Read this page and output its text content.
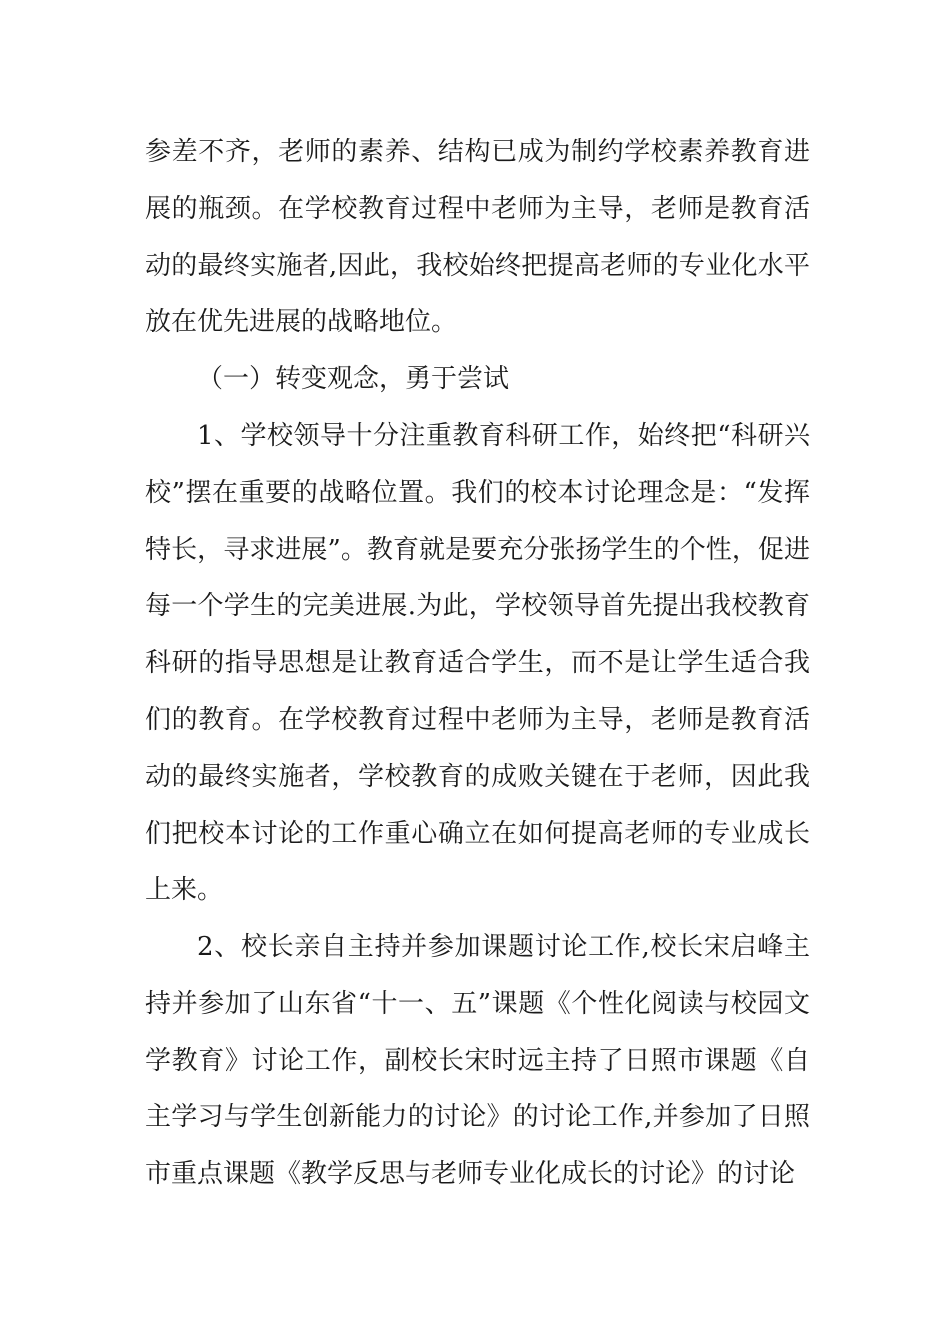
参差不齐，老师的素养、结构已成为制约学校素养教育进展的瓶颈。在学校教育过程中老师为主导，老师是教育活动的最终实施者,因此，我校始终把提高老师的专业化水平放在优先进展的战略地位。

（一）转变观念，勇于尝试

1、学校领导十分注重教育科研工作，始终把“科研兴校”摆在重要的战略位置。我们的校本讨论理念是：“发挥特长，寻求进展”。教育就是要充分张扬学生的个性，促进每一个学生的完美进展.为此，学校领导首先提出我校教育科研的指导思想是让教育适合学生，而不是让学生适合我们的教育。在学校教育过程中老师为主导，老师是教育活动的最终实施者，学校教育的成败关键在于老师，因此我们把校本讨论的工作重心确立在如何提高老师的专业成长上来。

2、校长亲自主持并参加课题讨论工作,校长宋启峰主持并参加了山东省“十一、五”课题《个性化阅读与校园文学教育》讨论工作，副校长宋时远主持了日照市课题《自主学习与学生创新能力的讨论》的讨论工作,并参加了日照市重点课题《教学反思与老师专业化成长的讨论》的讨论
